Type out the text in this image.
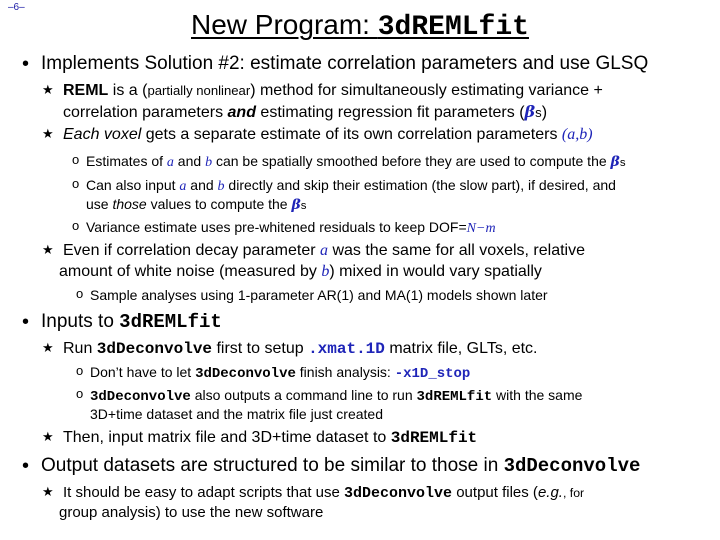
–6–
New Program: 3dREMLfit
• Implements Solution #2: estimate correlation parameters and use GLSQ
★ REML is a (partially nonlinear) method for simultaneously estimating variance +
correlation parameters and estimating regression fit parameters (βs)
★ Each voxel gets a separate estimate of its own correlation parameters (a,b)
o Estimates of a and b can be spatially smoothed before they are used to compute the βs
o Can also input a and b directly and skip their estimation (the slow part), if desired, and
use those values to compute the βs
o Variance estimate uses pre-whitened residuals to keep DOF=N−m
★ Even if correlation decay parameter a was the same for all voxels, relative
amount of white noise (measured by b) mixed in would vary spatially
o Sample analyses using 1-parameter AR(1) and MA(1) models shown later
• Inputs to 3dREMLfit
★ Run 3dDeconvolve first to setup .xmat.1D matrix file, GLTs, etc.
o Don’t have to let 3dDeconvolve finish analysis: -x1D_stop
o 3dDeconvolve also outputs a command line to run 3dREMLfit with the same
3D+time dataset and the matrix file just created
★ Then, input matrix file and 3D+time dataset to 3dREMLfit
• Output datasets are structured to be similar to those in 3dDeconvolve
★ It should be easy to adapt scripts that use 3dDeconvolve output files (e.g., for
group analysis) to use the new software
